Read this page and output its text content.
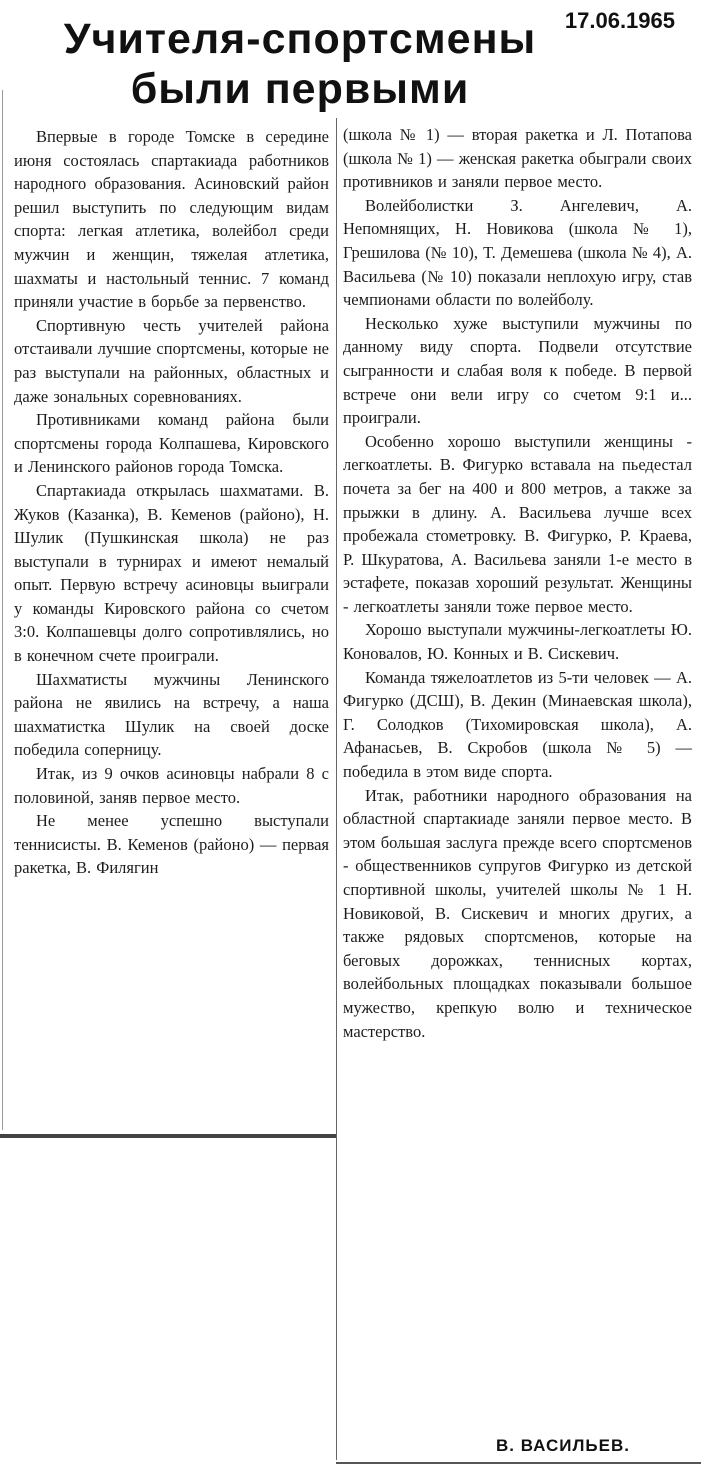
17.06.1965
Учителя-спортсмены
были первыми

Впервые в городе Томске в середине июня состоялась спартакиада работников народного образования. Асиновский район решил выступить по следующим видам спорта: легкая атлетика, волейбол среди мужчин и женщин, тяжелая атлетика, шахматы и настольный теннис. 7 команд приняли участие в борьбе за первенство.

Спортивную честь учителей района отстаивали лучшие спортсмены, которые не раз выступали на районных, областных и даже зональных соревнованиях.

Противниками команд района были спортсмены города Колпашева, Кировского и Ленинского районов города Томска.

Спартакиада открылась шахматами. В. Жуков (Казанка), В. Кеменов (районо), Н. Шулик (Пушкинская школа) не раз выступали в турнирах и имеют немалый опыт. Первую встречу асиновцы выиграли у команды Кировского района со счетом 3:0. Колпашевцы долго сопротивлялись, но в конечном счете проиграли.

Шахматисты мужчины Ленинского района не явились на встречу, а наша шахматистка Шулик на своей доске победила соперницу.

Итак, из 9 очков асиновцы набрали 8 с половиной, заняв первое место.

Не менее успешно выступали теннисисты. В. Кеменов (районо) — первая ракетка, В. Филягин

(школа № 1) — вторая ракетка и Л. Потапова (школа № 1) — женская ракетка обыграли своих противников и заняли первое место.

Волейболистки З. Ангелевич, А. Непомнящих, Н. Новикова (школа № 1), Грешилова (№ 10), Т. Демешева (школа № 4), А. Васильева (№ 10) показали неплохую игру, став чемпионами области по волейболу.

Несколько хуже выступили мужчины по данному виду спорта. Подвели отсутствие сыгранности и слабая воля к победе. В первой встрече они вели игру со счетом 9:1 и... проиграли.

Особенно хорошо выступили женщины - легкоатлеты. В. Фигурко вставала на пьедестал почета за бег на 400 и 800 метров, а также за прыжки в длину. А. Васильева лучше всех пробежала стометровку. В. Фигурко, Р. Краева, Р. Шкуратова, А. Васильева заняли 1-е место в эстафете, показав хороший результат. Женщины - легкоатлеты заняли тоже первое место.

Хорошо выступали мужчины-легкоатлеты Ю. Коновалов, Ю. Конных и В. Сискевич.

Команда тяжелоатлетов из 5-ти человек — А. Фигурко (ДСШ), В. Декин (Минаевская школа), Г. Солодков (Тихомировская школа), А. Афанасьев, В. Скробов (школа № 5) — победила в этом виде спорта.

Итак, работники народного образования на областной спартакиаде заняли первое место. В этом большая заслуга прежде всего спортсменов - общественников супругов Фигурко из детской спортивной школы, учителей школы № 1 Н. Новиковой, В. Сискевич и многих других, а также рядовых спортсменов, которые на беговых дорожках, теннисных кортах, волейбольных площадках показывали большое мужество, крепкую волю и техническое мастерство.

В. ВАСИЛЬЕВ.
